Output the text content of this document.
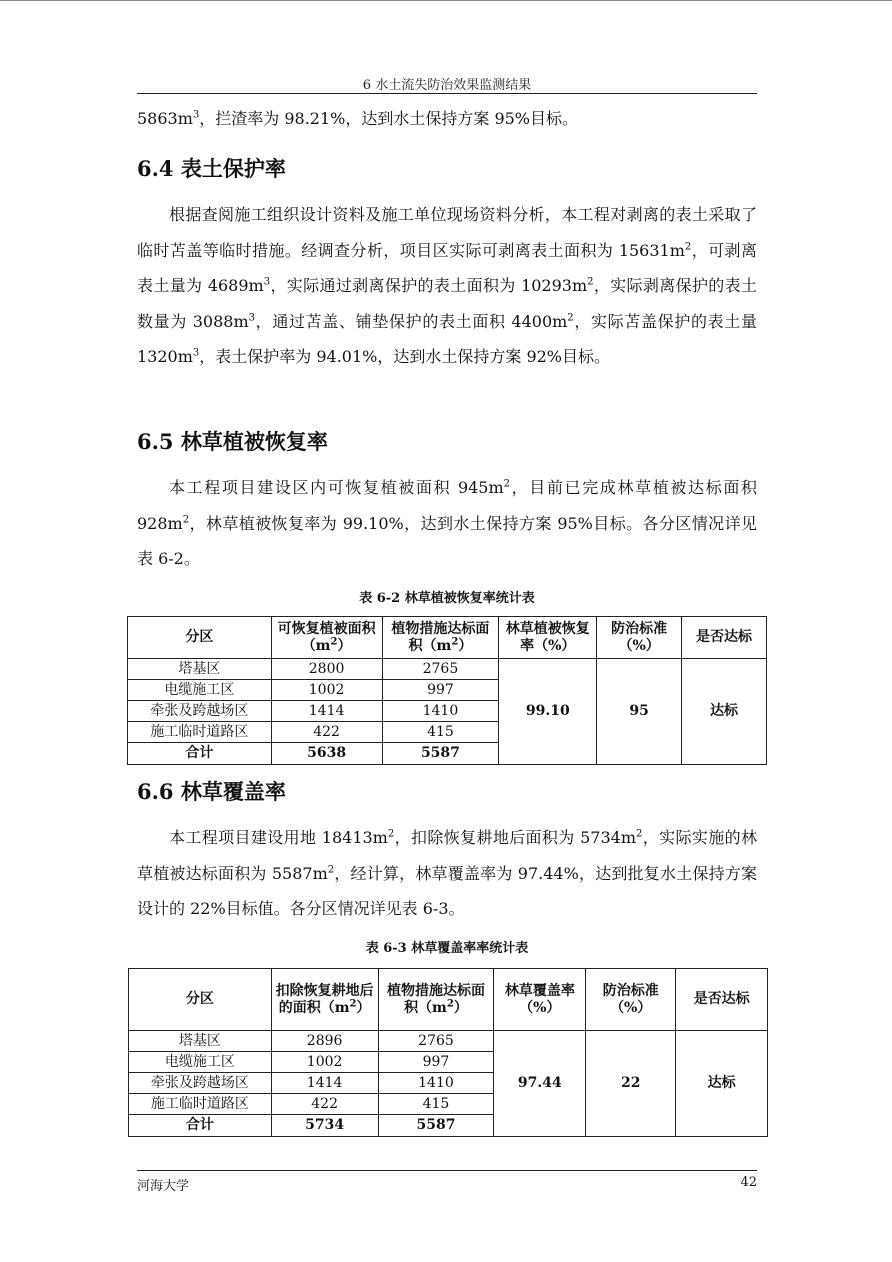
6 水土流失防治效果监测结果

$5863m^3$，拦渣率为 98.21%，达到水土保持方案 95%目标。

6.4 表土保护率

根据查阅施工组织设计资料及施工单位现场资料分析，本工程对剥离的表土采取了临时苫盖等临时措施。经调查分析，项目区实际可剥离表土面积为 $15631m^2$，可剥离表土量为 $4689m^3$，实际通过剥离保护的表土面积为 $10293m^2$，实际剥离保护的表土数量为 $3088m^3$，通过苫盖、铺垫保护的表土面积 $4400m^2$，实际苫盖保护的表土量 $1320m^3$，表土保护率为 94.01%，达到水土保持方案 92%目标。

6.5 林草植被恢复率

本工程项目建设区内可恢复植被面积 $945m^2$，目前已完成林草植被达标面积 $928m^2$，林草植被恢复率为 99.10%，达到水土保持方案 95%目标。各分区情况详见表 6-2。

表 6-2 林草植被恢复率统计表
分区	可恢复植被面积$(m^2)$	植物措施达标面积$(m^2)$	林草植被恢复率（%）	防治标准（%）	是否达标
塔基区	2800	2765	99.10	95	达标
电缆施工区	1002	997			
牵张及跨越场区	1414	1410			
施工临时道路区	422	415			
合计	5638	5587			
6.6 林草覆盖率

本工程项目建设用地 $18413m^2$，扣除恢复耕地后面积为 $5734m^2$，实际实施的林草植被达标面积为 $5587m^2$，经计算，林草覆盖率为 97.44%，达到批复水土保持方案设计的 22%目标值。各分区情况详见表 6-3。

表 6-3 林草覆盖率率统计表
分区	扣除恢复耕地后的面积$(m^2)$	植物措施达标面积$(m^2)$	林草覆盖率（%）	防治标准（%）	是否达标
塔基区	2896	2765	97.44	22	达标
电缆施工区	1002	997			
牵张及跨越场区	1414	1410			
施工临时道路区	422	415			
合计	5734	5587			
河海大学	42
